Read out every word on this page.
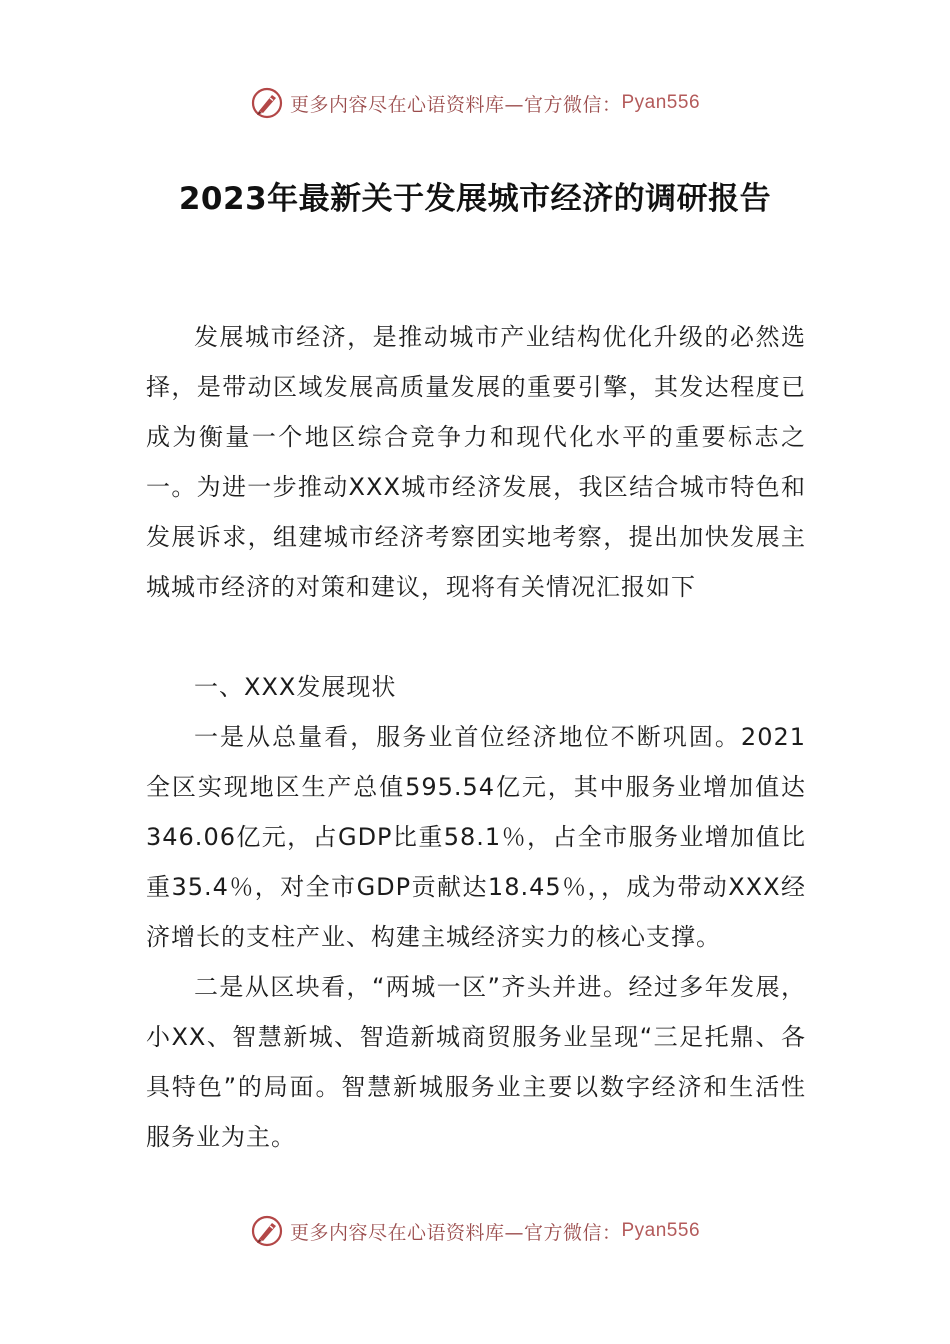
更多内容尽在心语资料库—官方微信： Pyan556
2023年最新关于发展城市经济的调研报告

发展城市经济，是推动城市产业结构优化升级的必然选择，是带动区域发展高质量发展的重要引擎，其发达程度已成为衡量一个地区综合竞争力和现代化水平的重要标志之一。为进一步推动XXX城市经济发展，我区结合城市特色和发展诉求，组建城市经济考察团实地考察，提出加快发展主城城市经济的对策和建议，现将有关情况汇报如下

一、XXX发展现状

一是从总量看，服务业首位经济地位不断巩固。2021全区实现地区生产总值595.54亿元，其中服务业增加值达346.06亿元，占GDP比重58.1％，占全市服务业增加值比重35.4％，对全市GDP贡献达18.45％，，成为带动XXX经济增长的支柱产业、构建主城经济实力的核心支撑。

二是从区块看，“两城一区”齐头并进。经过多年发展，小XX、智慧新城、智造新城商贸服务业呈现“三足托鼎、各具特色”的局面。智慧新城服务业主要以数字经济和生活性服务业为主。

更多内容尽在心语资料库—官方微信： Pyan556
